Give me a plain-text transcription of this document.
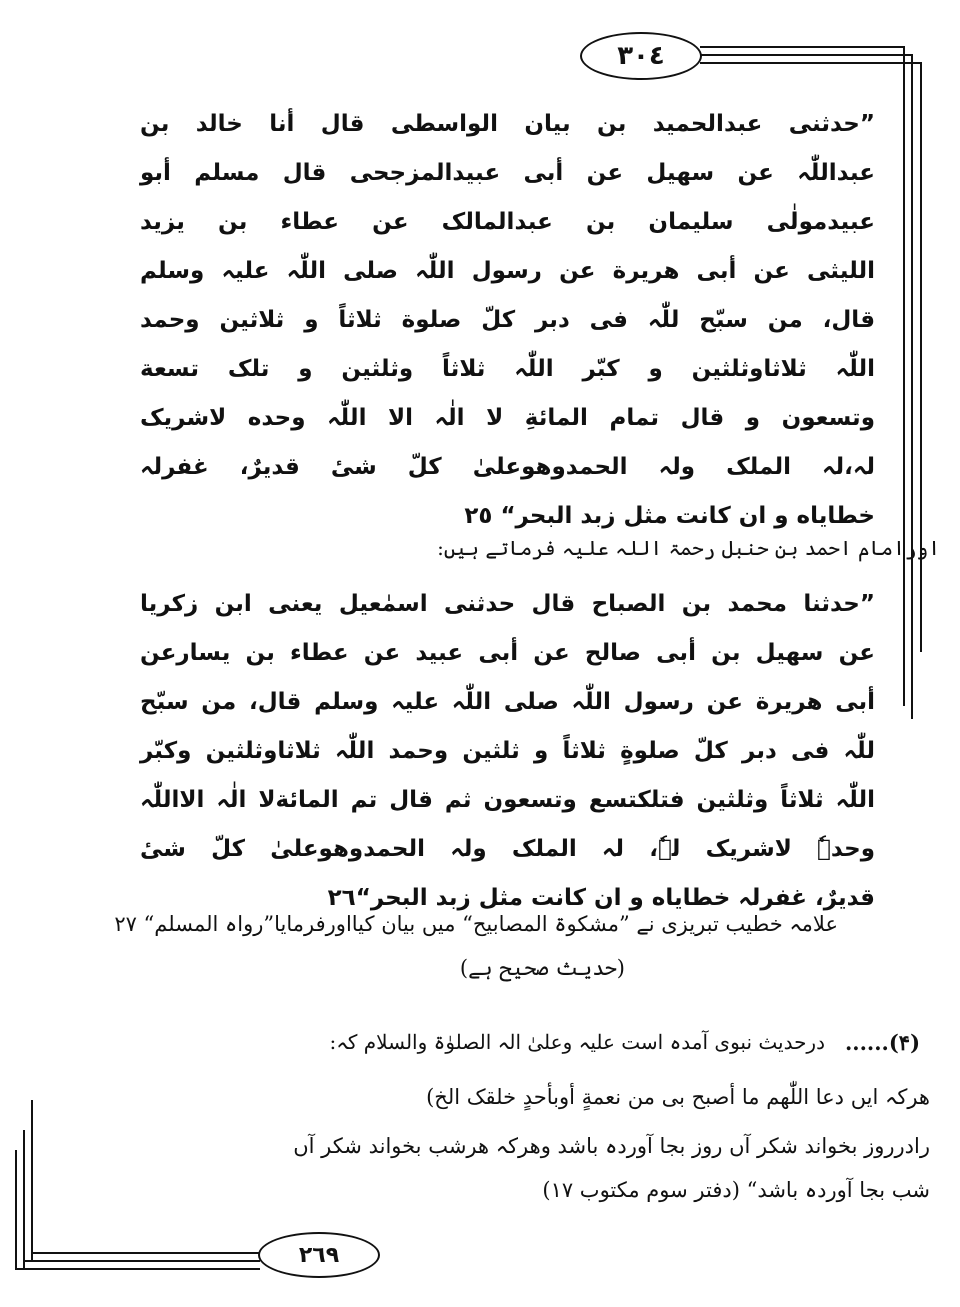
٣٠٤
٢٦٩
”حدثنی عبدالحمید بن بیان الواسطی قال أنا خالد بن
عبداللّٰہ عن سهیل عن أبی عبیدالمزجحی قال مسلم أبو
عبیدمولٰی سلیمان بن عبدالمالک عن عطاء بن یزید
اللیثی عن أبی هریرة عن رسول اللّٰہ صلی اللّٰہ علیہ وسلم
قال، من سبّح للّٰہ فی دبر کلّ صلوة ثلاثاً و ثلاثین وحمد
اللّٰہ ثلاثاوثلثین و کبّر اللّٰہ ثلاثاً وثلثین و تلک تسعة
وتسعون و قال تمام المائةِ لا الٰہ الا اللّٰہ وحده لاشریک
لہ،لہ الملک ولہ الحمدوھوعلیٰ کلّ شیٔ قدیرٌ، غفرلہ
خطایاه و ان کانت مثل زبد البحر“ ٢٥
اورامام احمد بن حنبل رحمۃ اللہ علیہ فرماتے ہیں:
”حدثنا محمد بن الصباح قال حدثنی اسمٰعیل یعنی ابن زکریا
عن سهیل بن أبی صالح عن أبی عبید عن عطاء بن یسارعن
أبی هریرة عن رسول اللّٰہ صلی اللّٰہ علیہ وسلم قال، من سبّح
للّٰہ فی دبر کلّ صلوةٍ ثلاثاً و ثلثین وحمد اللّٰہ ثلاثاوثلثین وکبّر
اللّٰہ ثلاثاً وثلثین فتلکتسع وتسعون ثم قال تم المائةلا الٰہ الااللّٰہ
وحدہٗ لاشریک لہٗ، لہ الملک ولہ الحمدوھوعلیٰ کلّ شیٔ
قدیرٌ، غفرلہ خطایاه و ان کانت مثل زبد البحر“٢٦
علامہ خطیب تبریزی نے ”مشکوۃ المصابیح“ میں بیان کیااورفرمایا”رواہ المسلم“ ٢٧
(حدیث صحیح ہے)
(۴)......
درحدیث نبوی آمدہ است علیہ وعلیٰ الہ الصلوٰۃ والسلام کہ:
ھرکہ ایں دعا اللّٰھم ما أصبح بی من نعمةٍ أوبأحدٍ خلقک الخ)
رادرروز بخواند شکر آں روز بجا آوردہ باشد وھرکہ ھرشب بخواند شکر آں
شب بجا آوردہ باشد“ (دفتر سوم مکتوب ١٧)
